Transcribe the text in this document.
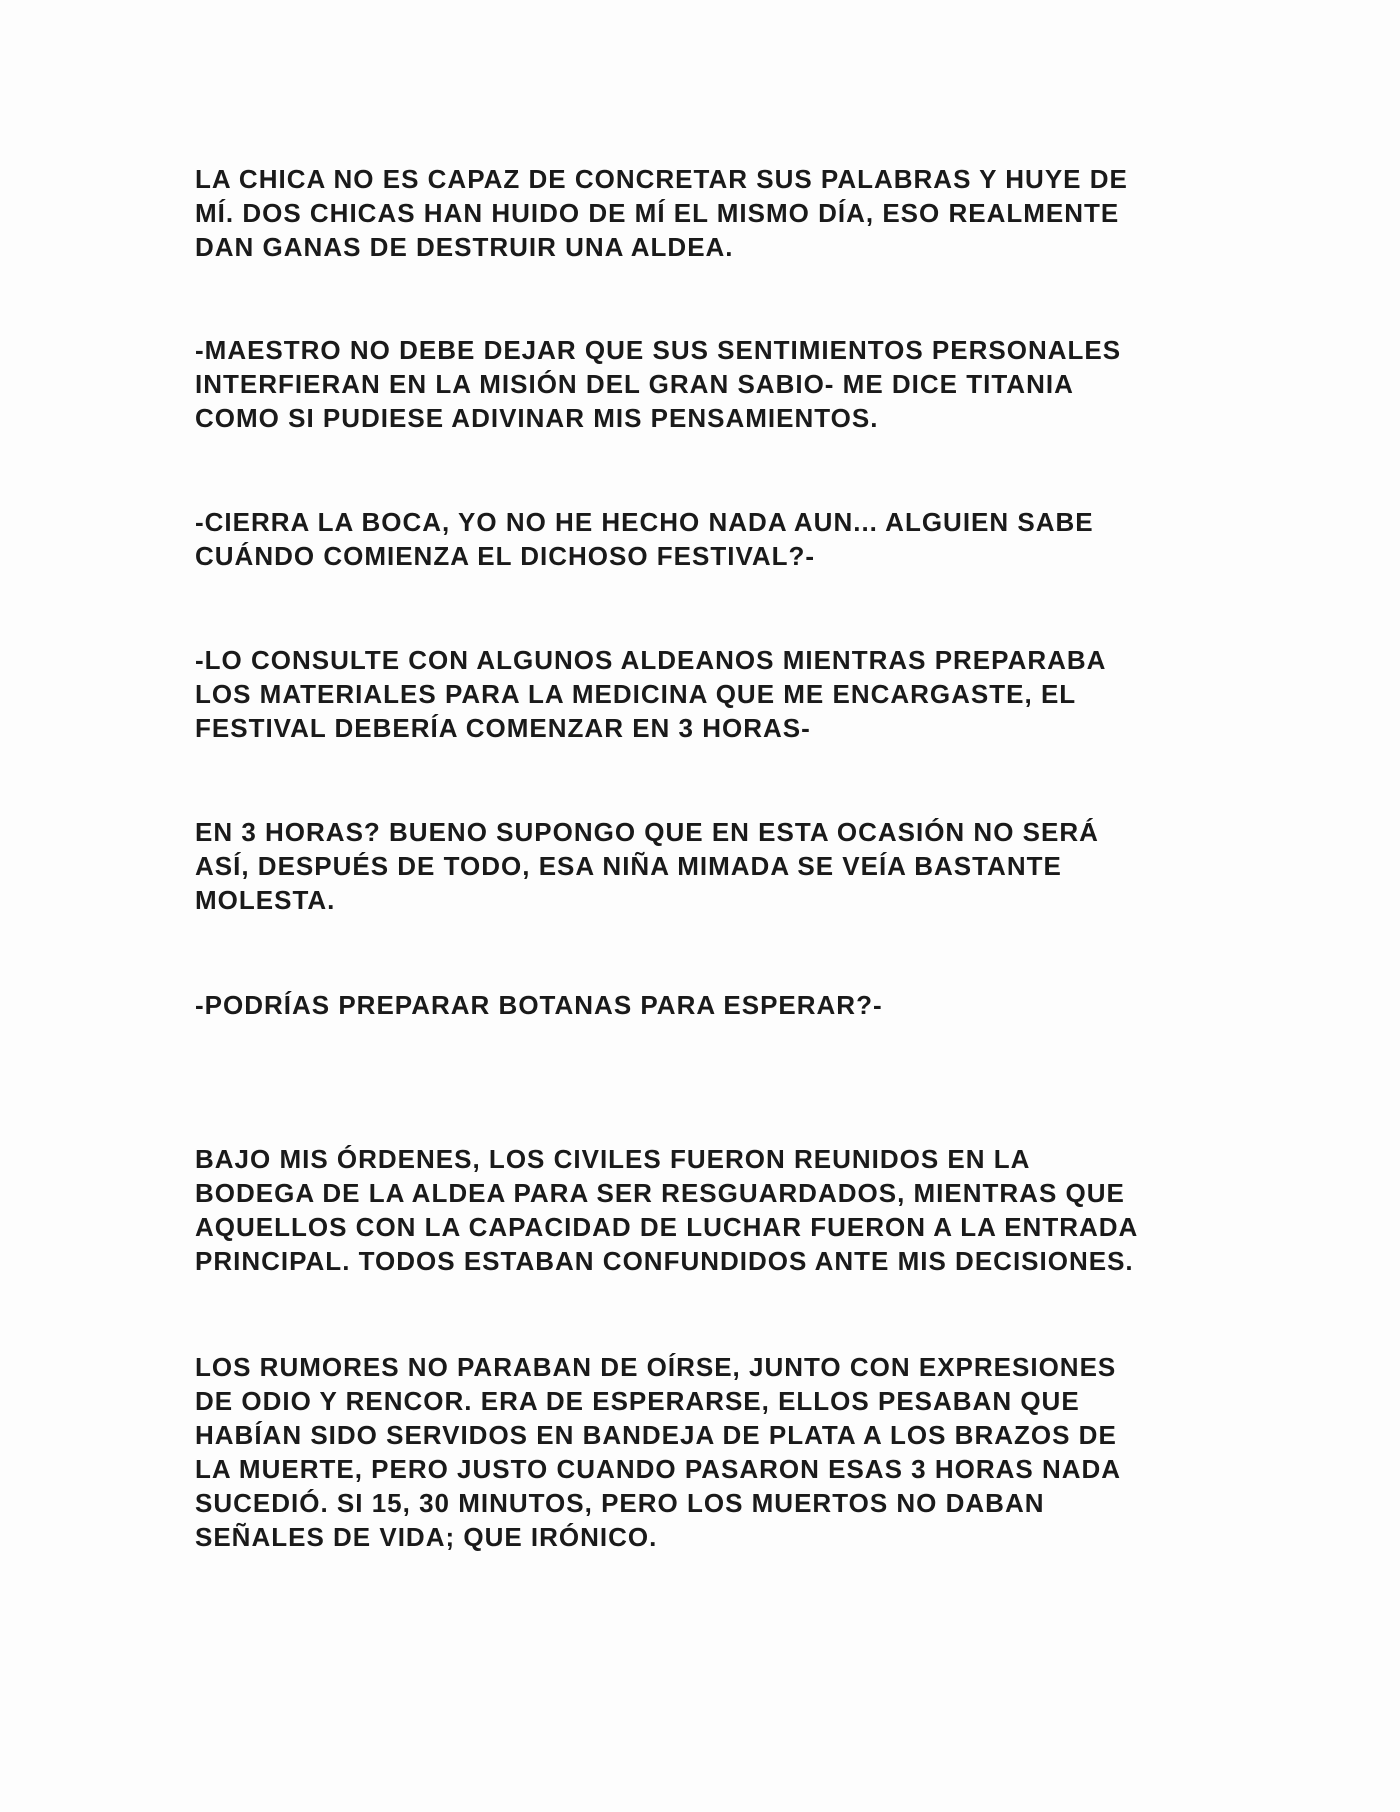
LA CHICA NO ES CAPAZ DE CONCRETAR SUS PALABRAS Y HUYE DE
MÍ. DOS CHICAS HAN HUIDO DE MÍ EL MISMO DÍA, ESO REALMENTE
DAN GANAS DE DESTRUIR UNA ALDEA.

-MAESTRO NO DEBE DEJAR QUE SUS SENTIMIENTOS PERSONALES
INTERFIERAN EN LA MISIÓN DEL GRAN SABIO- ME DICE TITANIA
COMO SI PUDIESE ADIVINAR MIS PENSAMIENTOS.

-CIERRA LA BOCA, YO NO HE HECHO NADA AUN... ALGUIEN SABE
CUÁNDO COMIENZA EL DICHOSO FESTIVAL?-

-LO CONSULTE CON ALGUNOS ALDEANOS MIENTRAS PREPARABA
LOS MATERIALES PARA LA MEDICINA QUE ME ENCARGASTE, EL
FESTIVAL DEBERÍA COMENZAR EN 3 HORAS-

EN 3 HORAS? BUENO SUPONGO QUE EN ESTA OCASIÓN NO SERÁ
ASÍ, DESPUÉS DE TODO, ESA NIÑA MIMADA SE VEÍA BASTANTE
MOLESTA.

-PODRÍAS PREPARAR BOTANAS PARA ESPERAR?-

BAJO MIS ÓRDENES, LOS CIVILES FUERON REUNIDOS EN LA
BODEGA DE LA ALDEA PARA SER RESGUARDADOS, MIENTRAS QUE
AQUELLOS CON LA CAPACIDAD DE LUCHAR FUERON A LA ENTRADA
PRINCIPAL. TODOS ESTABAN CONFUNDIDOS ANTE MIS DECISIONES.

LOS RUMORES NO PARABAN DE OÍRSE, JUNTO CON EXPRESIONES
DE ODIO Y RENCOR. ERA DE ESPERARSE, ELLOS PESABAN QUE
HABÍAN SIDO SERVIDOS EN BANDEJA DE PLATA A LOS BRAZOS DE
LA MUERTE, PERO JUSTO CUANDO PASARON ESAS 3 HORAS NADA
SUCEDIÓ. SI 15, 30 MINUTOS, PERO LOS MUERTOS NO DABAN
SEÑALES DE VIDA; QUE IRÓNICO.
